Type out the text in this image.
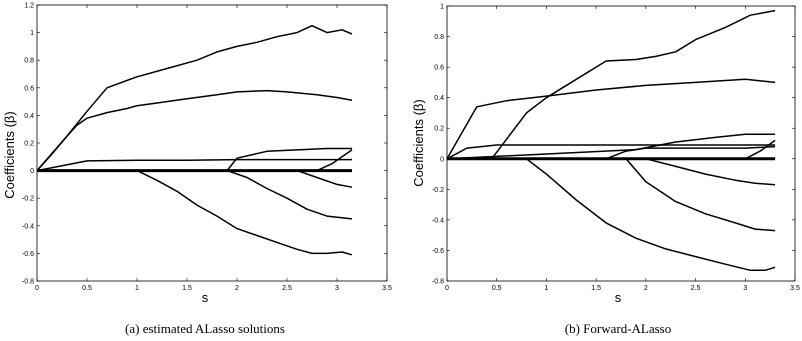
Coefficients (β)
s
(a) estimated ALasso solutions
0	0.5	1	1.5	2	2.5	3	3.5
-0.8
-0.6
-0.4
-0.2
0
0.2
0.4
0.6
0.8
1
1.2
Coefficients (β)
s
(b) Forward-ALasso
0	0.5	1	1.5	2	2.5	3	3.5
-0.8
-0.6
-0.4
-0.2
0
0.2
0.4
0.6
0.8
1
